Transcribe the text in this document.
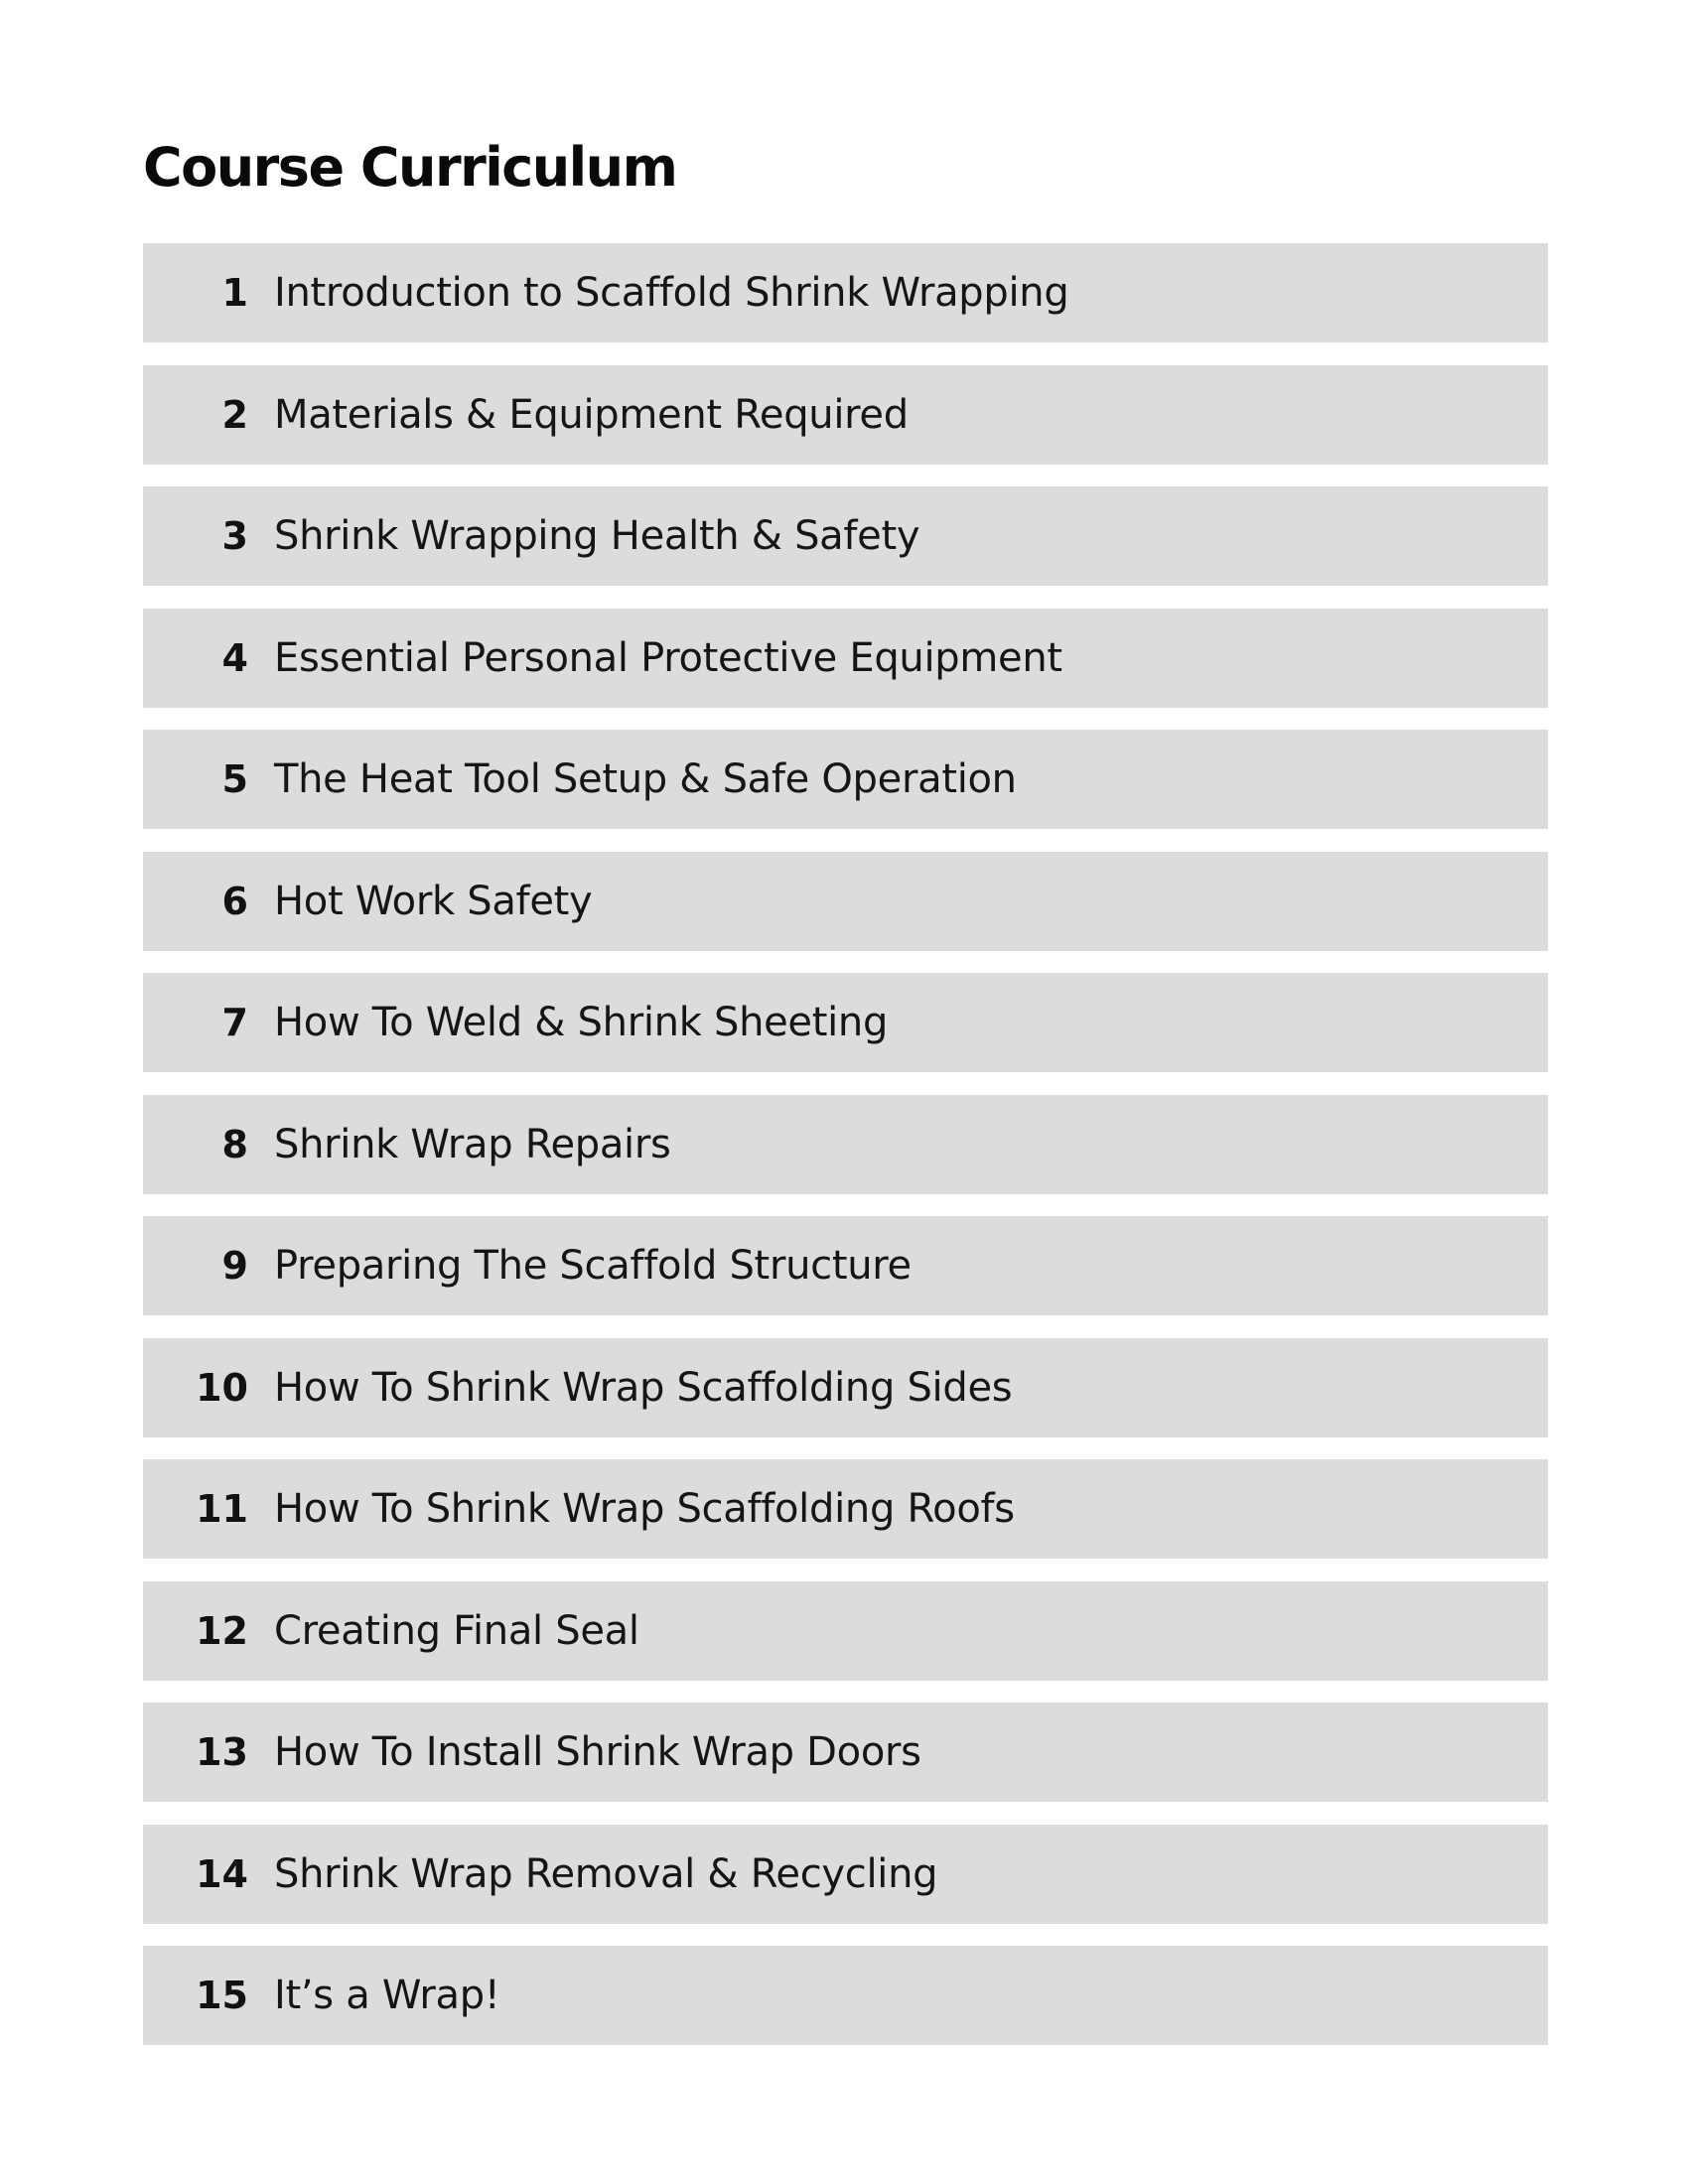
Course Curriculum
1 Introduction to Scaffold Shrink Wrapping
2 Materials & Equipment Required
3 Shrink Wrapping Health & Safety
4 Essential Personal Protective Equipment
5 The Heat Tool Setup & Safe Operation
6 Hot Work Safety
7 How To Weld & Shrink Sheeting
8 Shrink Wrap Repairs
9 Preparing The Scaffold Structure
10 How To Shrink Wrap Scaffolding Sides
11 How To Shrink Wrap Scaffolding Roofs
12 Creating Final Seal
13 How To Install Shrink Wrap Doors
14 Shrink Wrap Removal & Recycling
15 It’s a Wrap!
